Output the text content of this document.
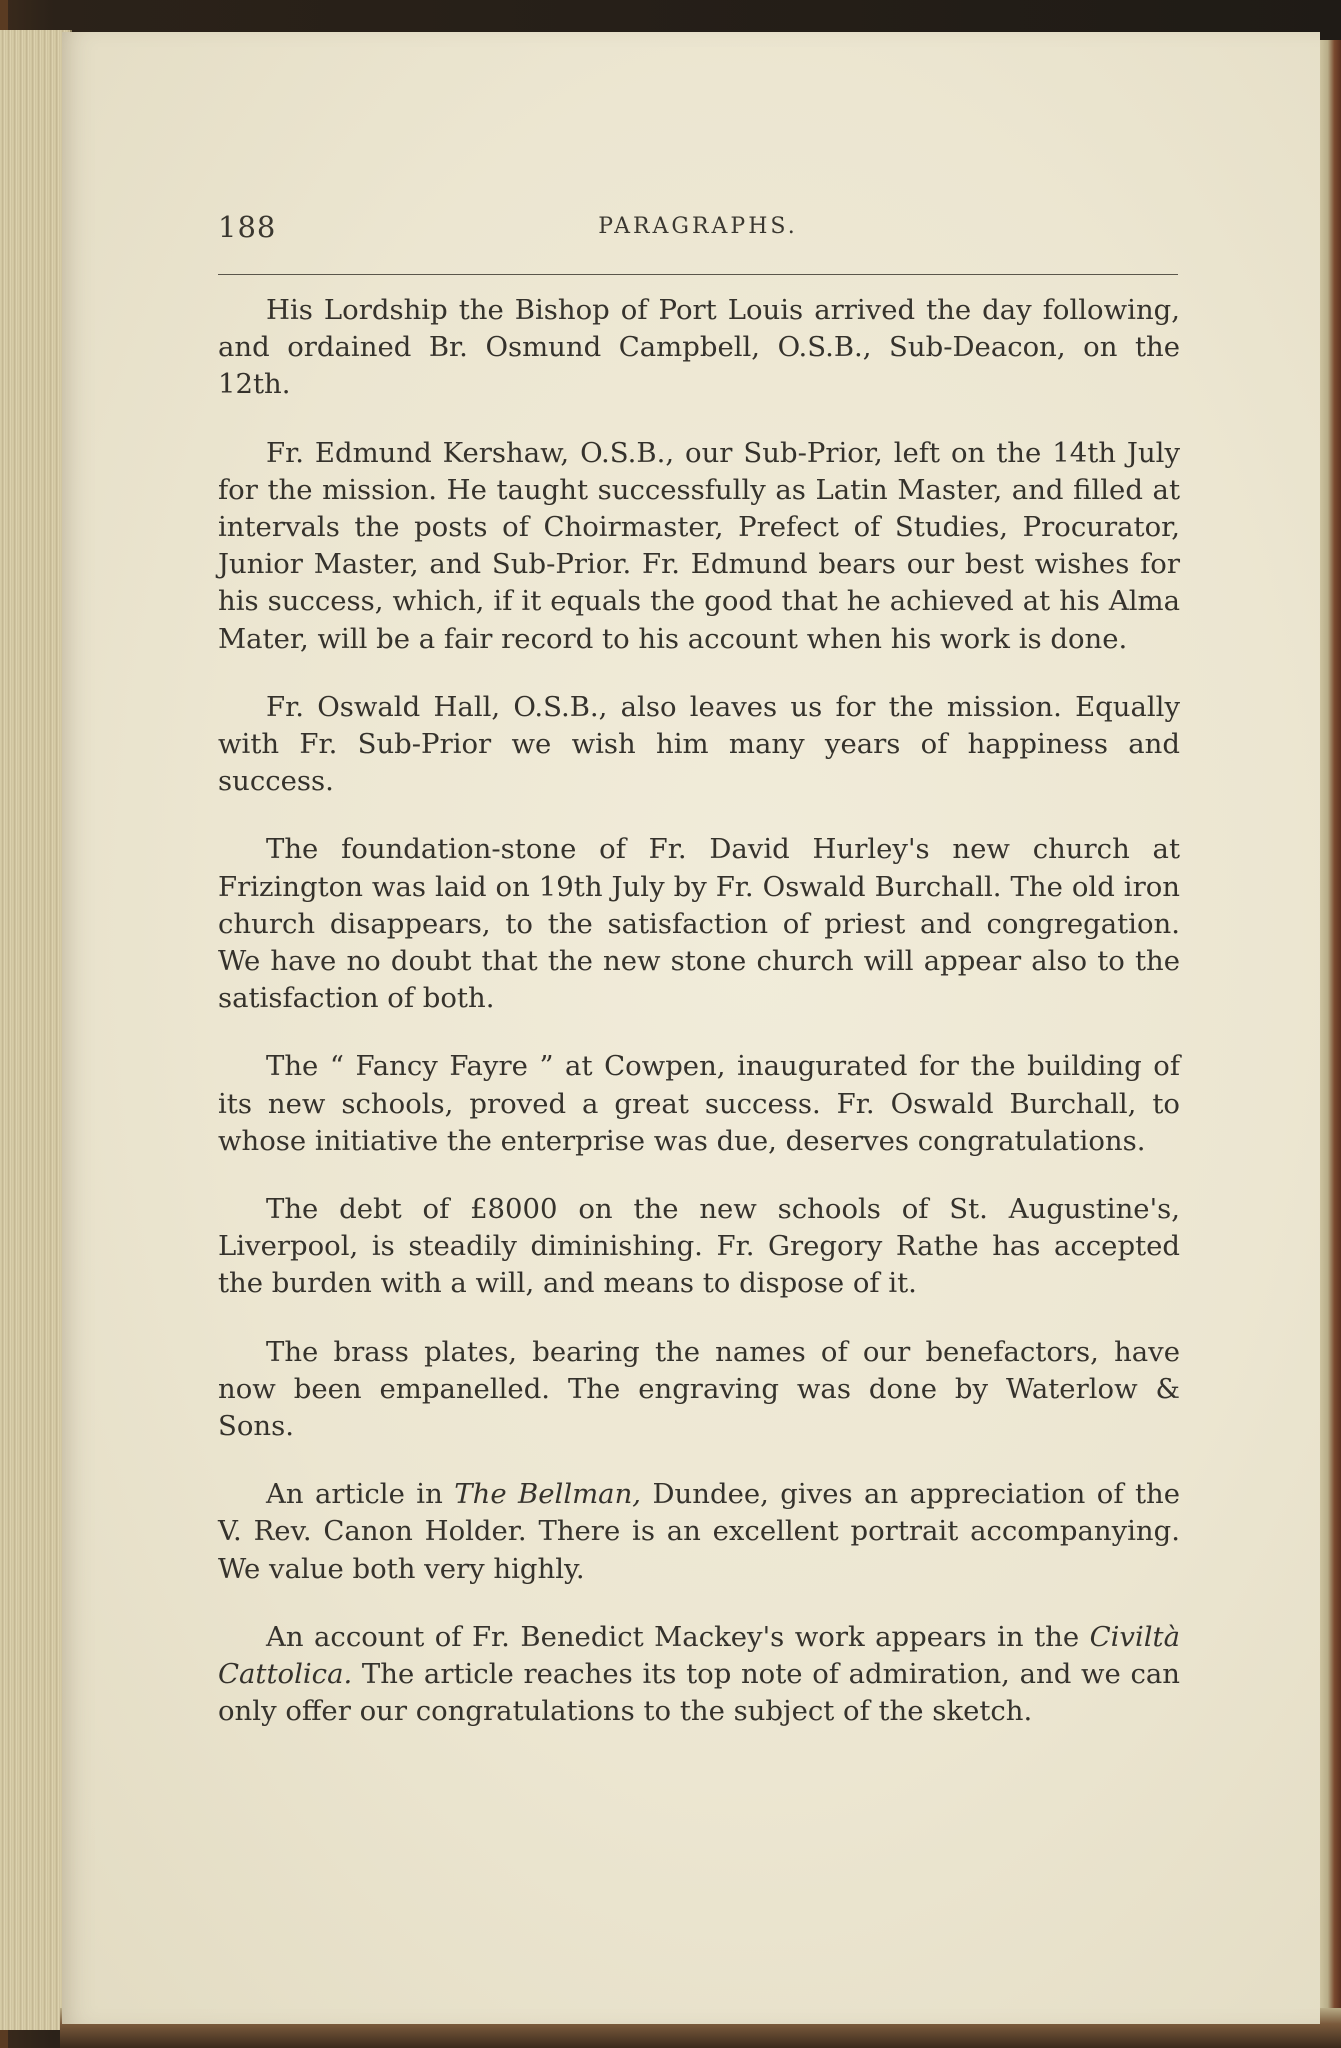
188	PARAGRAPHS.

His Lordship the Bishop of Port Louis arrived the day following, and ordained Br. Osmund Campbell, O.S.B., Sub-Deacon, on the 12th.

Fr. Edmund Kershaw, O.S.B., our Sub-Prior, left on the 14th July for the mission. He taught successfully as Latin Master, and filled at intervals the posts of Choirmaster, Prefect of Studies, Procurator, Junior Master, and Sub-Prior. Fr. Edmund bears our best wishes for his success, which, if it equals the good that he achieved at his Alma Mater, will be a fair record to his account when his work is done.

Fr. Oswald Hall, O.S.B., also leaves us for the mission. Equally with Fr. Sub-Prior we wish him many years of happiness and success.

The foundation-stone of Fr. David Hurley's new church at Frizington was laid on 19th July by Fr. Oswald Burchall. The old iron church disappears, to the satisfaction of priest and congregation. We have no doubt that the new stone church will appear also to the satisfaction of both.

The “ Fancy Fayre ” at Cowpen, inaugurated for the building of its new schools, proved a great success. Fr. Oswald Burchall, to whose initiative the enterprise was due, deserves congratulations.

The debt of £8000 on the new schools of St. Augustine's, Liverpool, is steadily diminishing. Fr. Gregory Rathe has accepted the burden with a will, and means to dispose of it.

The brass plates, bearing the names of our benefactors, have now been empanelled. The engraving was done by Waterlow & Sons.

An article in The Bellman, Dundee, gives an appreciation of the V. Rev. Canon Holder. There is an excellent portrait accompanying. We value both very highly.

An account of Fr. Benedict Mackey's work appears in the Civiltà Cattolica. The article reaches its top note of admiration, and we can only offer our congratulations to the subject of the sketch.
